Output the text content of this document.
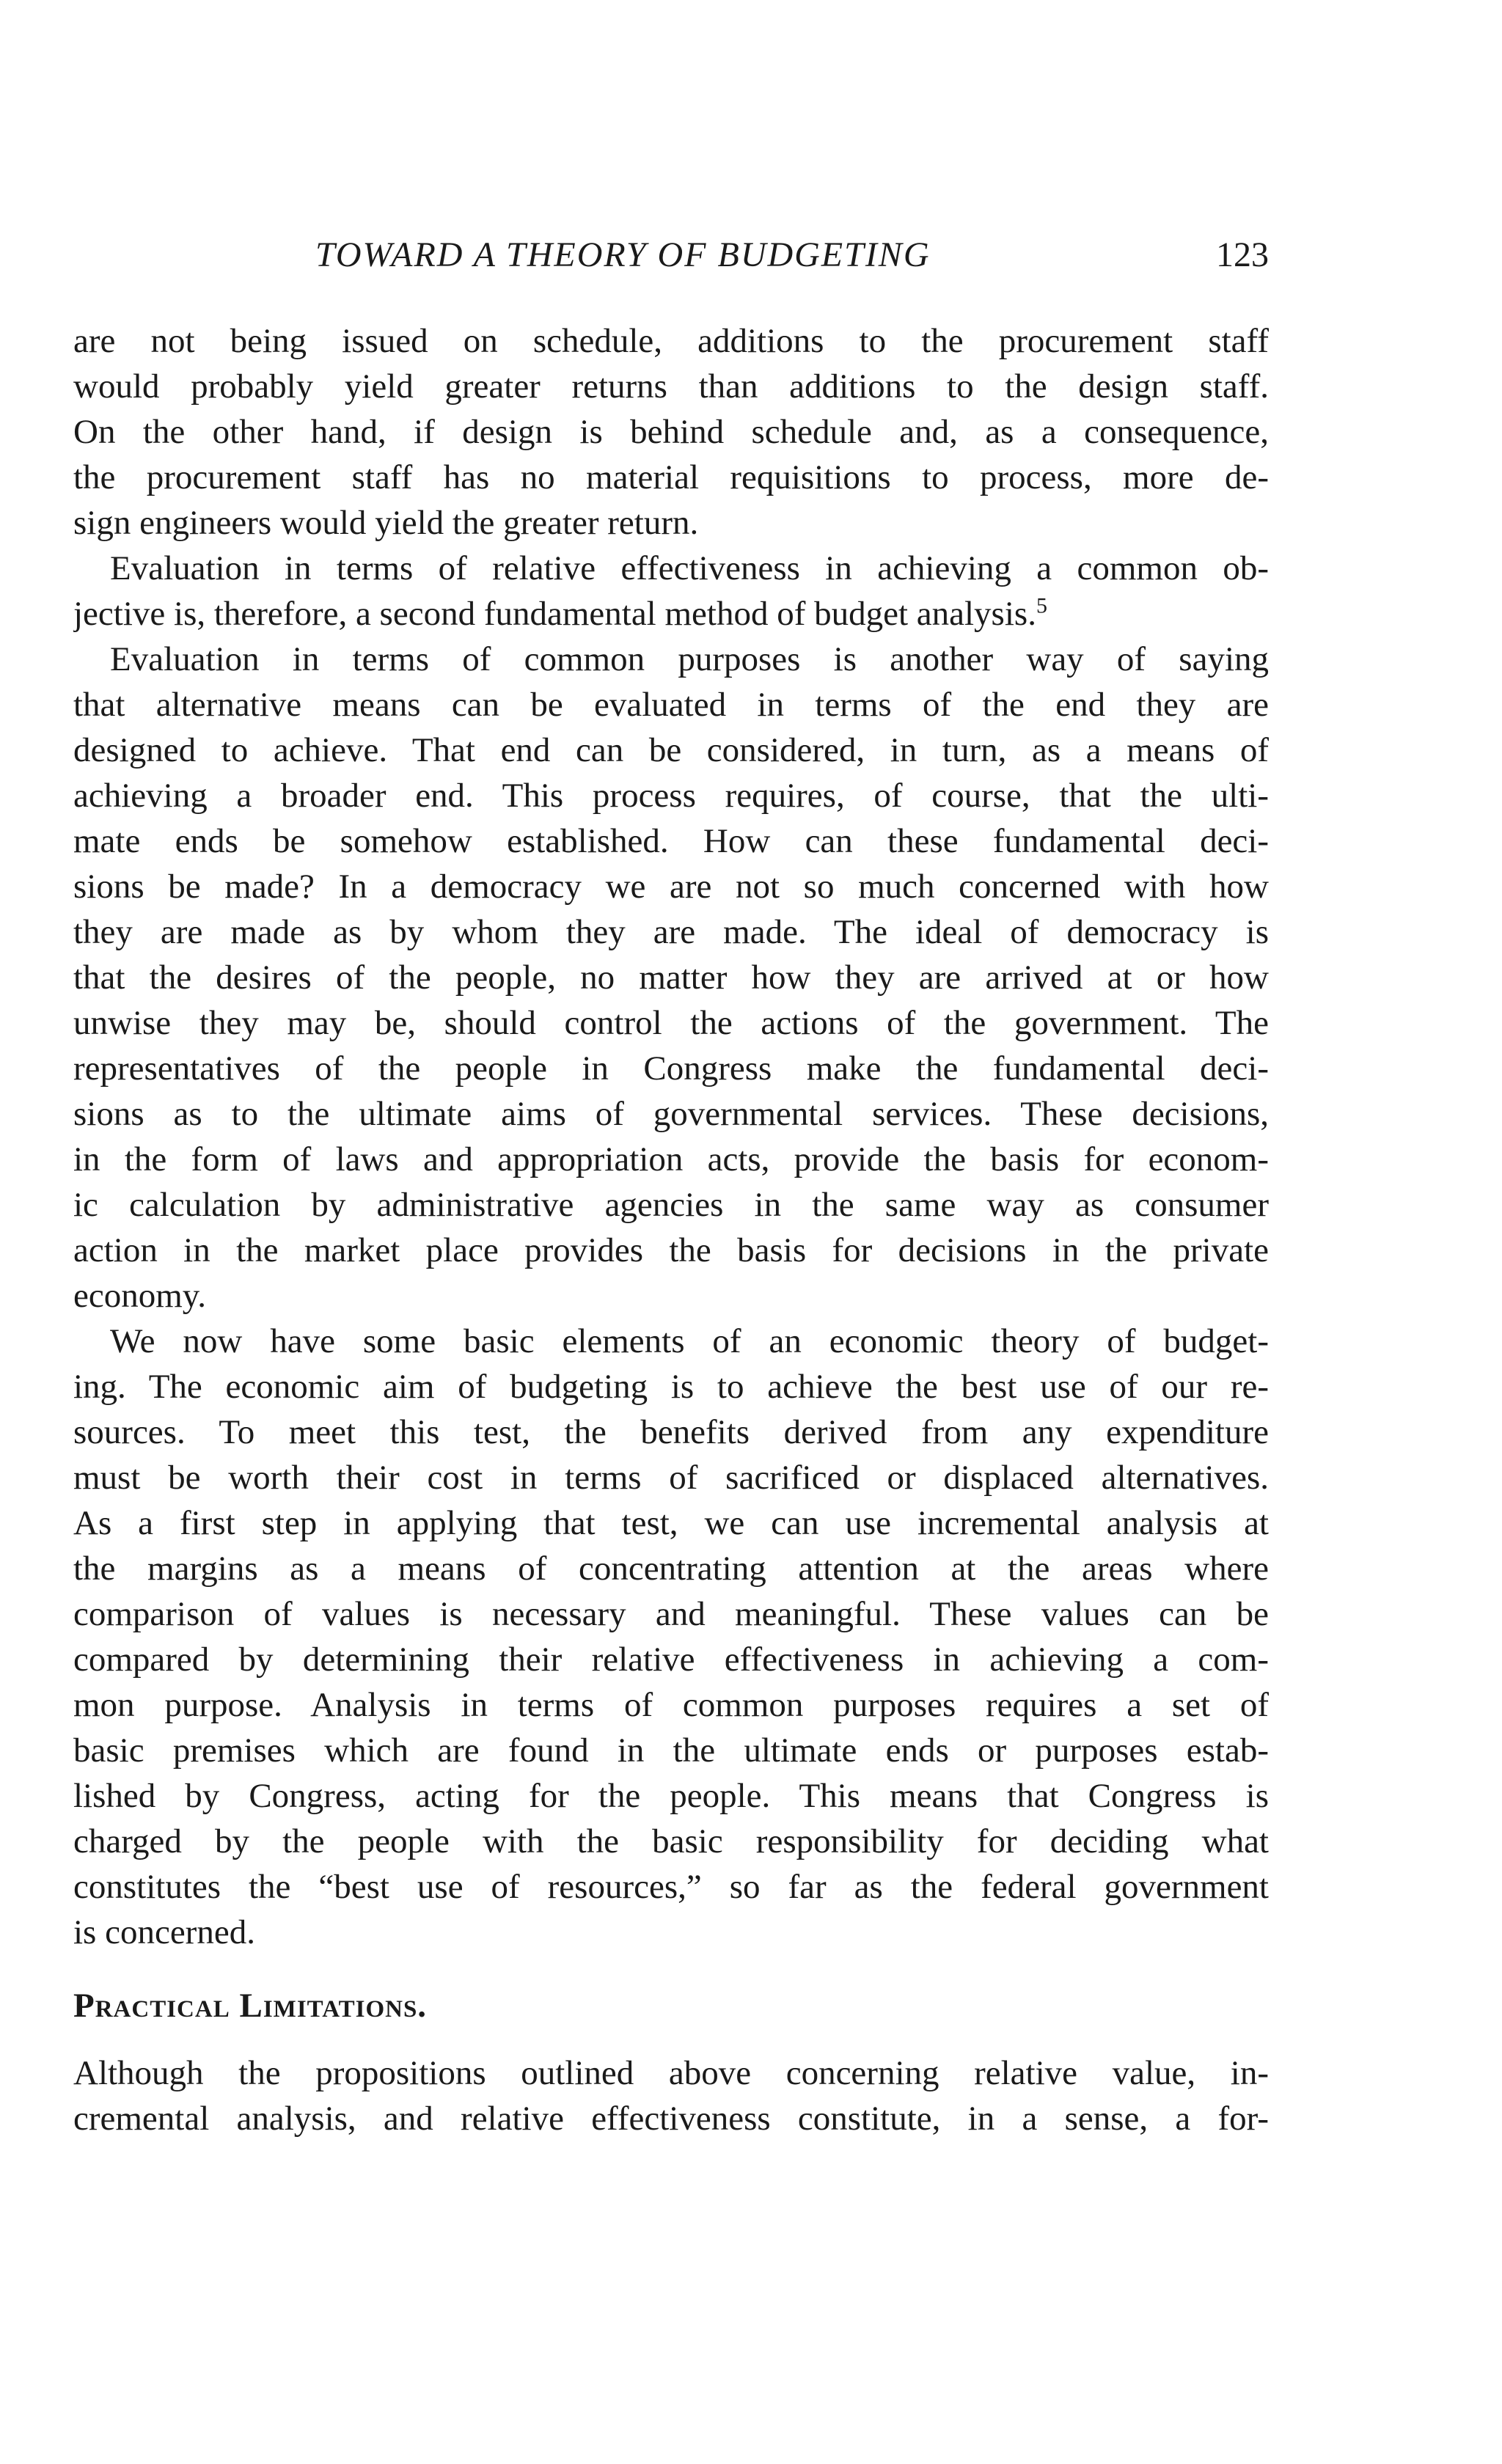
TOWARD A THEORY OF BUDGETING	123

are not being issued on schedule, additions to the procurement staff
would probably yield greater returns than additions to the design staff.
On the other hand, if design is behind schedule and, as a consequence,
the procurement staff has no material requisitions to process, more de-
sign engineers would yield the greater return.

Evaluation in terms of relative effectiveness in achieving a common ob-
jective is, therefore, a second fundamental method of budget analysis.$^5$

Evaluation in terms of common purposes is another way of saying
that alternative means can be evaluated in terms of the end they are
designed to achieve. That end can be considered, in turn, as a means of
achieving a broader end. This process requires, of course, that the ulti-
mate ends be somehow established. How can these fundamental deci-
sions be made? In a democracy we are not so much concerned with how
they are made as by whom they are made. The ideal of democracy is
that the desires of the people, no matter how they are arrived at or how
unwise they may be, should control the actions of the government. The
representatives of the people in Congress make the fundamental deci-
sions as to the ultimate aims of governmental services. These decisions,
in the form of laws and appropriation acts, provide the basis for econom-
ic calculation by administrative agencies in the same way as consumer
action in the market place provides the basis for decisions in the private
economy.

We now have some basic elements of an economic theory of budget-
ing. The economic aim of budgeting is to achieve the best use of our re-
sources. To meet this test, the benefits derived from any expenditure
must be worth their cost in terms of sacrificed or displaced alternatives.
As a first step in applying that test, we can use incremental analysis at
the margins as a means of concentrating attention at the areas where
comparison of values is necessary and meaningful. These values can be
compared by determining their relative effectiveness in achieving a com-
mon purpose. Analysis in terms of common purposes requires a set of
basic premises which are found in the ultimate ends or purposes estab-
lished by Congress, acting for the people. This means that Congress is
charged by the people with the basic responsibility for deciding what
constitutes the “best use of resources,” so far as the federal government
is concerned.

Practical Limitations.

Although the propositions outlined above concerning relative value, in-
cremental analysis, and relative effectiveness constitute, in a sense, a for-
